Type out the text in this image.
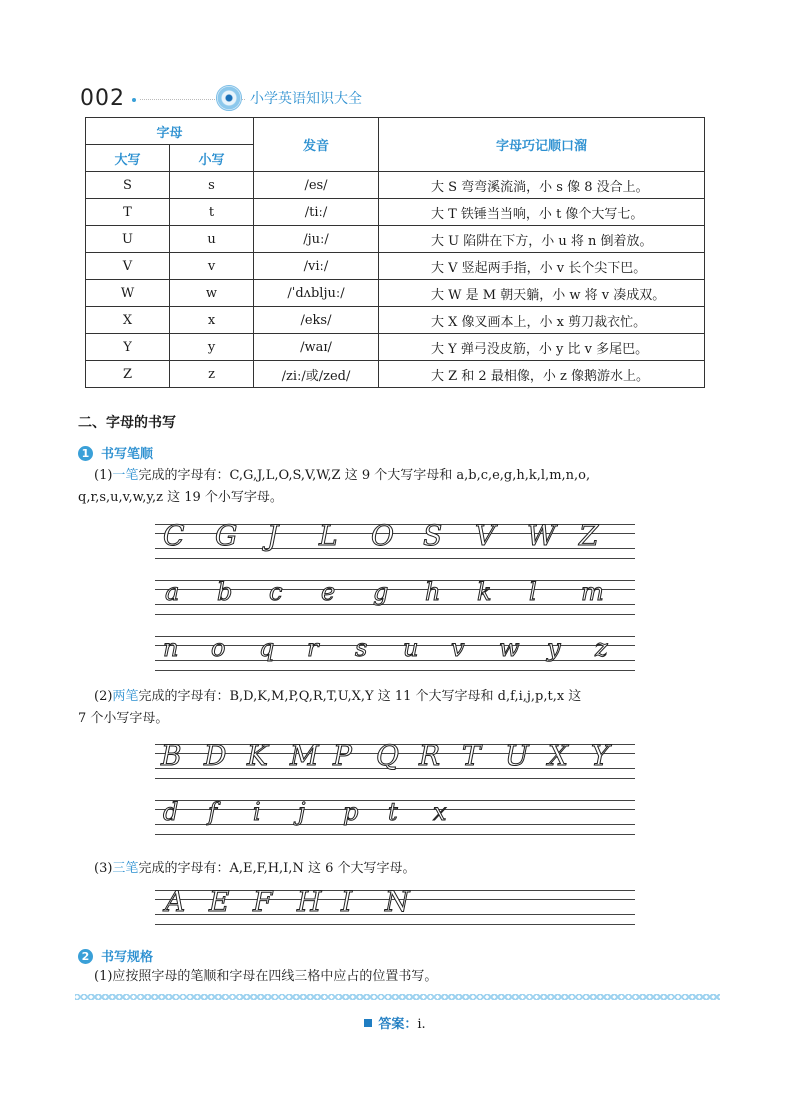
002	小学英语知识大全
字母		发音	字母巧记顺口溜
大写	小写		
S	s	/es/	大 S 弯弯溪流淌，小 s 像 8 没合上。
T	t	/tiː/	大 T 铁锤当当响，小 t 像个大写七。
U	u	/juː/	大 U 陷阱在下方，小 u 将 n 倒着放。
V	v	/viː/	大 V 竖起两手指，小 v 长个尖下巴。
W	w	/ˈdʌbljuː/	大 W 是 M 朝天躺，小 w 将 v 凑成双。
X	x	/eks/	大 X 像叉画本上，小 x 剪刀裁衣忙。
Y	y	/waɪ/	大 Y 弹弓没皮筋，小 y 比 v 多尾巴。
Z	z	/ziː/或/zed/	大 Z 和 2 最相像，小 z 像鹅游水上。
二、字母的书写
1 书写笔顺
(1)一笔完成的字母有：C,G,J,L,O,S,V,W,Z 这 9 个大写字母和 a,b,c,e,g,h,k,l,m,n,o,
q,r,s,u,v,w,y,z 这 19 个小写字母。
C G J L O S V W Z
a b c e g h k l m
n o q r s u v w y z
(2)两笔完成的字母有：B,D,K,M,P,Q,R,T,U,X,Y 这 11 个大写字母和 d,f,i,j,p,t,x 这
7 个小写字母。
B D K M P Q R T U X Y
d f i j p t x
(3)三笔完成的字母有：A,E,F,H,I,N 这 6 个大写字母。
A E F H I N
2 书写规格
(1)应按照字母的笔顺和字母在四线三格中应占的位置书写。
答案：i.
